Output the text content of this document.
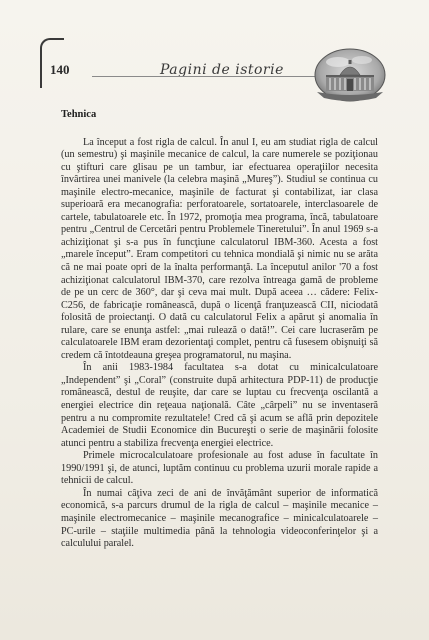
140	Pagini de istorie
Tehnica

La început a fost rigla de calcul. În anul I, eu am studiat rigla de calcul (un semestru) şi maşinile mecanice de calcul, la care numerele se poziţionau cu ştifturi care glisau pe un tambur, iar efectuarea operaţiilor necesita învârtirea unei manivele (la celebra maşină „Mureş”). Studiul se continua cu maşinile electro-mecanice, maşinile de facturat şi contabilizat, iar clasa superioară era mecanografia: perforatoarele, sortatoarele, interclasoarele de cartele, tabulatoarele etc. În 1972, promoţia mea programa, încă, tabulatoare pentru „Centrul de Cercetări pentru Problemele Tineretului”. În anul 1969 s-a achiziţionat şi s-a pus în funcţiune calculatorul IBM-360. Acesta a fost „marele început”. Eram competitori cu tehnica mondială şi nimic nu se arăta că ne mai poate opri de la înalta performanţă. La începutul anilor '70 a fost achiziţionat calculatorul IBM-370, care rezolva întreaga gamă de probleme de pe un cerc de 360°, dar şi ceva mai mult. După aceea … cădere: Felix-C256, de fabricaţie românească, după o licenţă franţuzească CII, niciodată folosită de proiectanţi. O dată cu calculatorul Felix a apărut şi anomalia în rulare, care se enunţa astfel: „mai rulează o dată!”. Cei care lucraserăm pe calculatoarele IBM eram dezorientaţi complet, pentru că fusesem obişnuiţi să credem că întotdeauna greşea programatorul, nu maşina.

În anii 1983-1984 facultatea s-a dotat cu minicalculatoare „Independent” şi „Coral” (construite după arhitectura PDP-11) de producţie românească, destul de reuşite, dar care se luptau cu frecvenţa oscilantă a energiei electrice din reţeaua naţională. Câte „cârpeli” nu se inventaseră pentru a nu compromite rezultatele! Cred că şi acum se află prin depozitele Academiei de Studii Economice din Bucureşti o serie de maşinării folosite atunci pentru a stabiliza frecvenţa energiei electrice.

Primele microcalculatoare profesionale au fost aduse în facultate în 1990/1991 şi, de atunci, luptăm continuu cu problema uzurii morale rapide a tehnicii de calcul.

În numai câţiva zeci de ani de învăţământ superior de informatică economică, s-a parcurs drumul de la rigla de calcul – maşinile mecanice – maşinile electromecanice – maşinile mecanografice – minicalculatoarele – PC-urile – staţiile multimedia până la tehnologia videoconferinţelor şi a calculului paralel.
